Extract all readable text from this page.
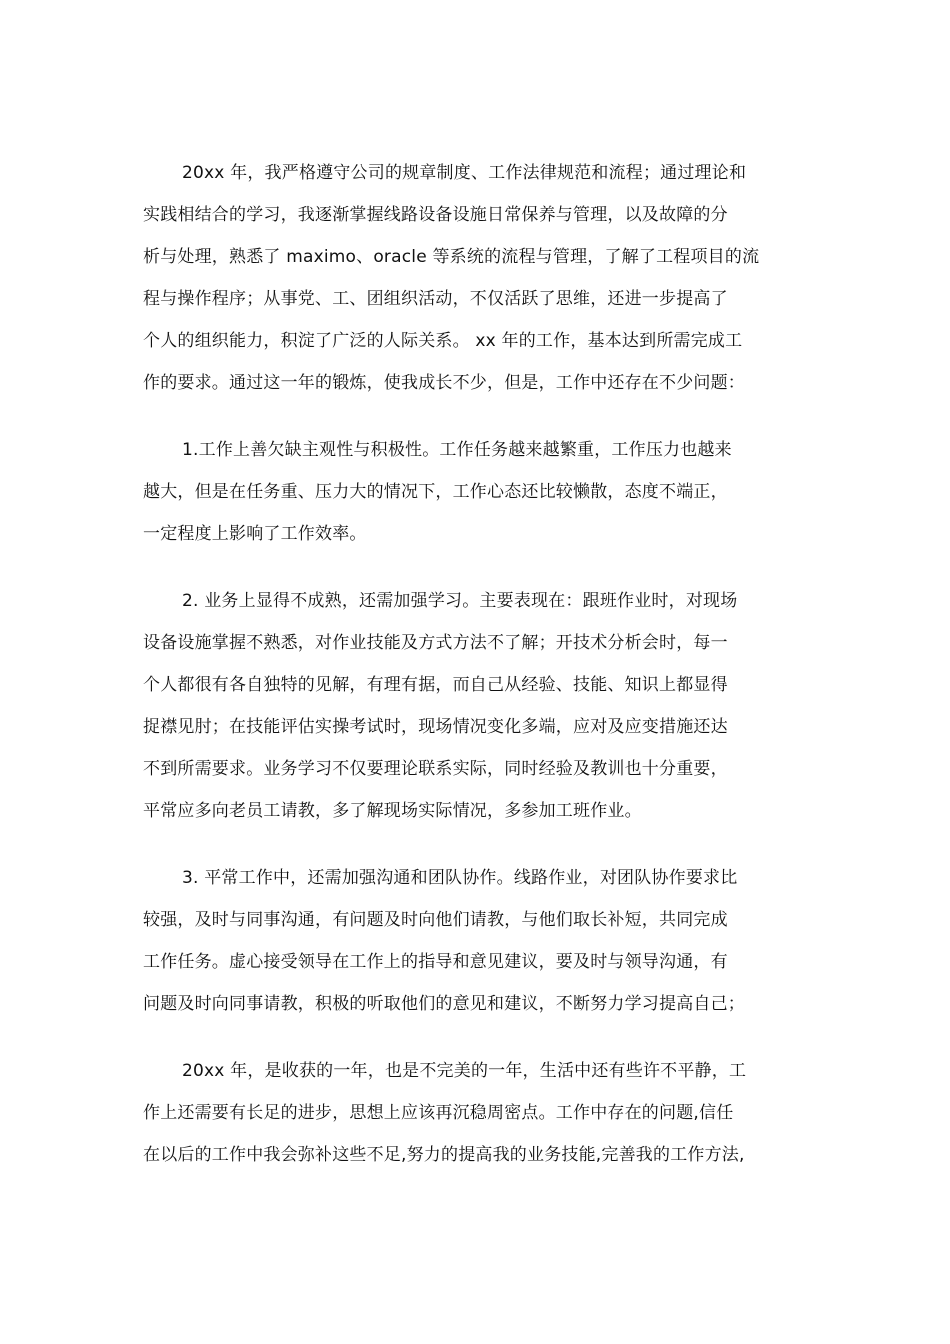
20xx 年，我严格遵守公司的规章制度、工作法律规范和流程；通过理论和
实践相结合的学习，我逐渐掌握线路设备设施日常保养与管理，以及故障的分
析与处理，熟悉了 maximo、oracle 等系统的流程与管理，了解了工程项目的流
程与操作程序；从事党、工、团组织活动，不仅活跃了思维，还进一步提高了
个人的组织能力，积淀了广泛的人际关系。 xx 年的工作，基本达到所需完成工
作的要求。通过这一年的锻炼，使我成长不少，但是，工作中还存在不少问题：
1.工作上善欠缺主观性与积极性。工作任务越来越繁重，工作压力也越来
越大，但是在任务重、压力大的情况下，工作心态还比较懒散，态度不端正，
一定程度上影响了工作效率。
2. 业务上显得不成熟，还需加强学习。主要表现在：跟班作业时，对现场
设备设施掌握不熟悉，对作业技能及方式方法不了解；开技术分析会时，每一
个人都很有各自独特的见解，有理有据，而自己从经验、技能、知识上都显得
捉襟见肘；在技能评估实操考试时，现场情况变化多端，应对及应变措施还达
不到所需要求。业务学习不仅要理论联系实际，同时经验及教训也十分重要，
平常应多向老员工请教，多了解现场实际情况，多参加工班作业。
3. 平常工作中，还需加强沟通和团队协作。线路作业，对团队协作要求比
较强，及时与同事沟通，有问题及时向他们请教，与他们取长补短，共同完成
工作任务。虚心接受领导在工作上的指导和意见建议，要及时与领导沟通，有
问题及时向同事请教，积极的听取他们的意见和建议，不断努力学习提高自己；
20xx 年，是收获的一年，也是不完美的一年，生活中还有些许不平静，工
作上还需要有长足的进步，思想上应该再沉稳周密点。工作中存在的问题,信任
在以后的工作中我会弥补这些不足,努力的提高我的业务技能,完善我的工作方法,
